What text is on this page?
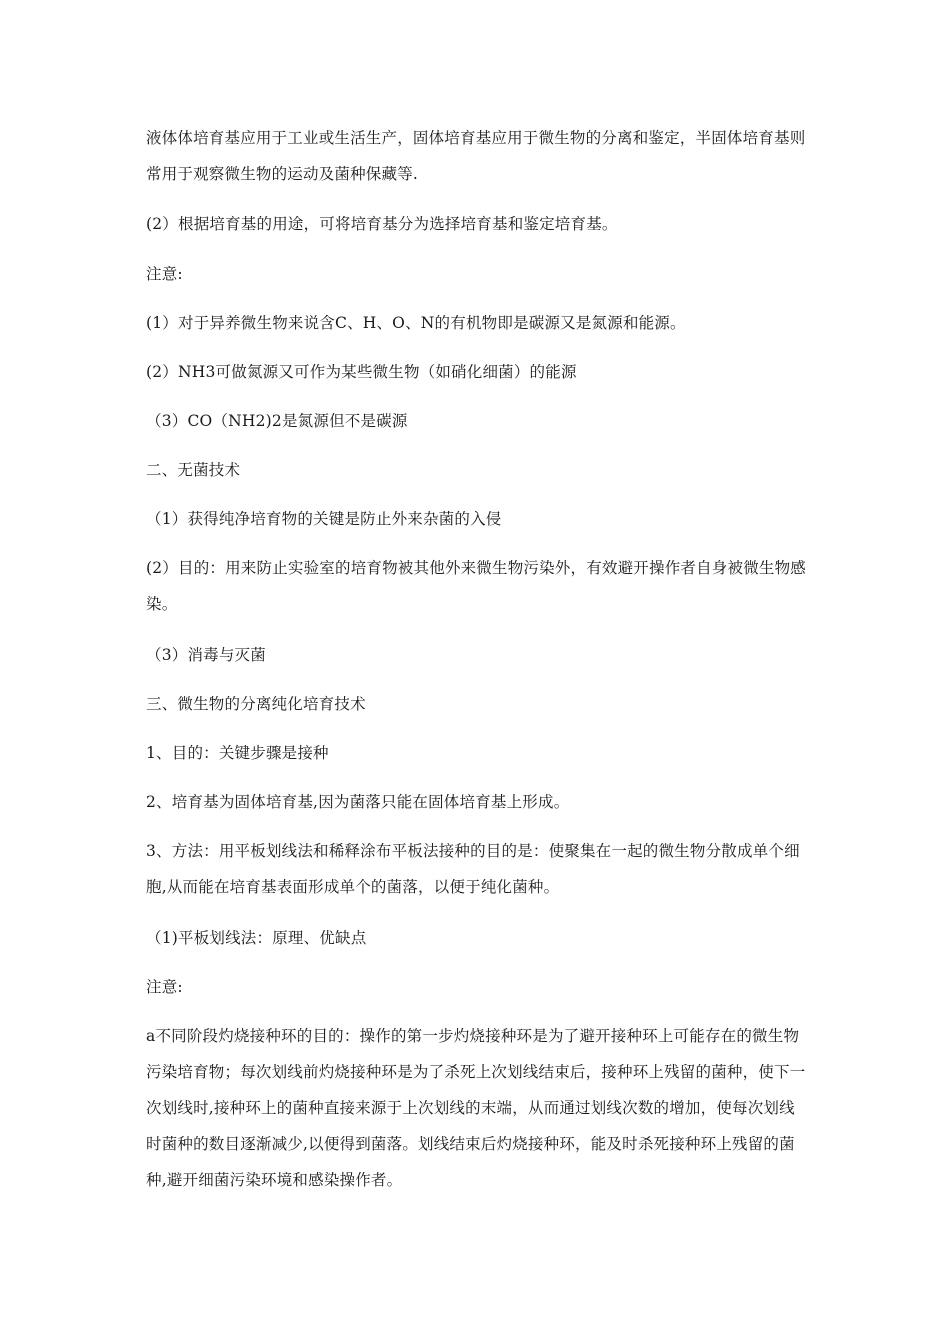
液体体培育基应用于工业或生活生产，固体培育基应用于微生物的分离和鉴定，半固体培育基则常用于观察微生物的运动及菌种保藏等.
(2）根据培育基的用途，可将培育基分为选择培育基和鉴定培育基。
注意:
(1）对于异养微生物来说含C、H、O、N的有机物即是碳源又是氮源和能源。
(2）NH3可做氮源又可作为某些微生物（如硝化细菌）的能源
（3）CO（NH2)2是氮源但不是碳源
二、无菌技术
（1）获得纯净培育物的关键是防止外来杂菌的入侵
(2）目的：用来防止实验室的培育物被其他外来微生物污染外，有效避开操作者自身被微生物感染。
（3）消毒与灭菌
三、微生物的分离纯化培育技术
1、目的：关键步骤是接种
2、培育基为固体培育基,因为菌落只能在固体培育基上形成。
3、方法：用平板划线法和稀释涂布平板法接种的目的是：使聚集在一起的微生物分散成单个细胞,从而能在培育基表面形成单个的菌落，以便于纯化菌种。
（1)平板划线法：原理、优缺点
注意:
a不同阶段灼烧接种环的目的：操作的第一步灼烧接种环是为了避开接种环上可能存在的微生物污染培育物；每次划线前灼烧接种环是为了杀死上次划线结束后，接种环上残留的菌种，使下一次划线时,接种环上的菌种直接来源于上次划线的末端，从而通过划线次数的增加，使每次划线时菌种的数目逐渐减少,以便得到菌落。划线结束后灼烧接种环，能及时杀死接种环上残留的菌种,避开细菌污染环境和感染操作者。
